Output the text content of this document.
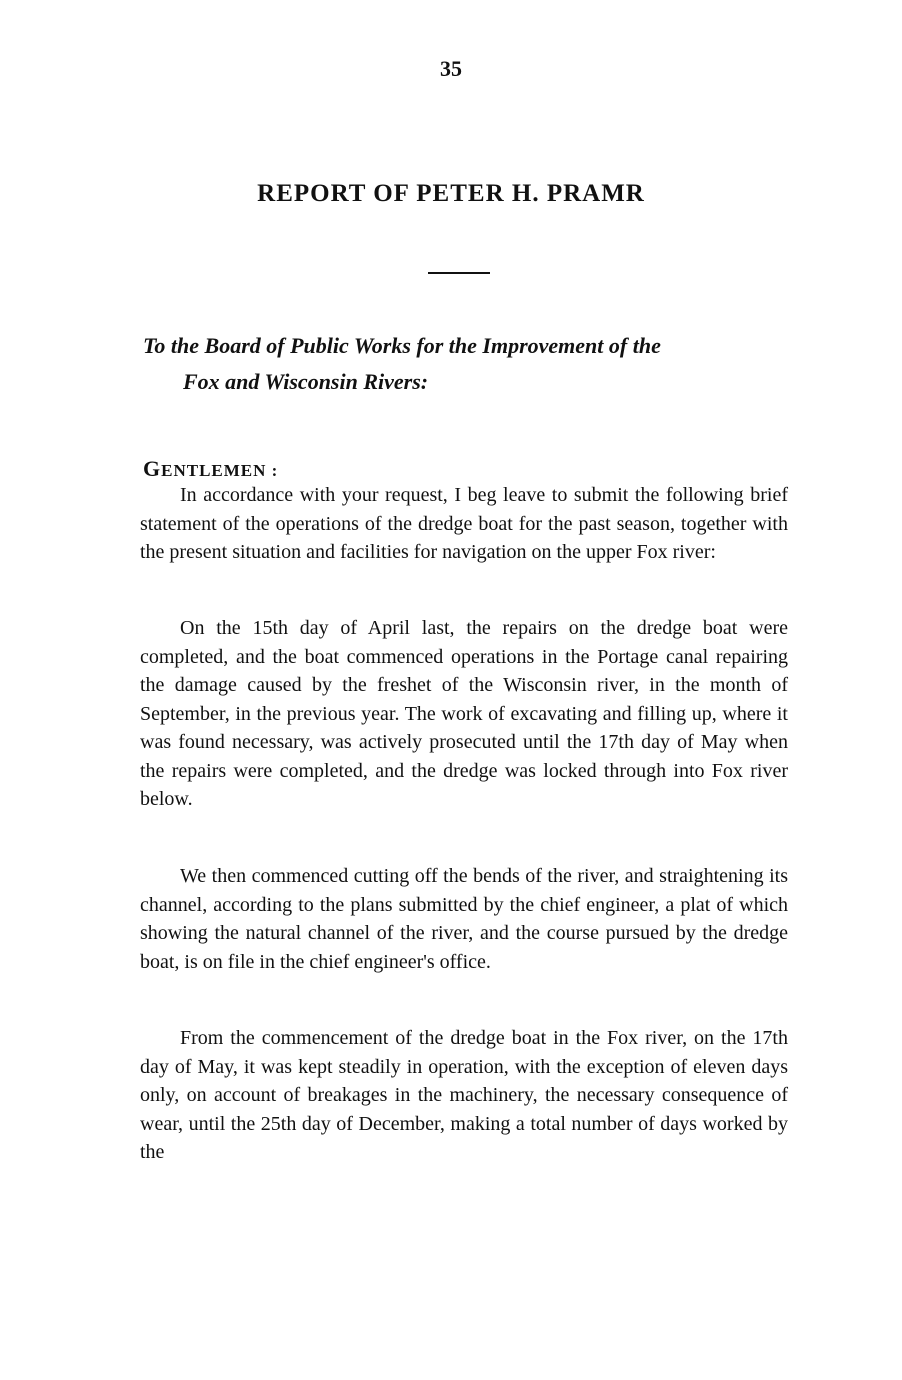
35
REPORT OF PETER H. PRAMR
To the Board of Public Works for the Improvement of the
Fox and Wisconsin Rivers:
GENTLEMEN :

In accordance with your request, I beg leave to submit the following brief statement of the operations of the dredge boat for the past season, together with the present situation and facilities for navigation on the upper Fox river:

On the 15th day of April last, the repairs on the dredge boat were completed, and the boat commenced operations in the Portage canal repairing the damage caused by the freshet of the Wisconsin river, in the month of September, in the previous year. The work of excavating and filling up, where it was found necessary, was actively prosecuted until the 17th day of May when the repairs were completed, and the dredge was locked through into Fox river below.

We then commenced cutting off the bends of the river, and straightening its channel, according to the plans submitted by the chief engineer, a plat of which showing the natural channel of the river, and the course pursued by the dredge boat, is on file in the chief engineer's office.

From the commencement of the dredge boat in the Fox river, on the 17th day of May, it was kept steadily in operation, with the exception of eleven days only, on account of breakages in the machinery, the necessary consequence of wear, until the 25th day of December, making a total number of days worked by the
